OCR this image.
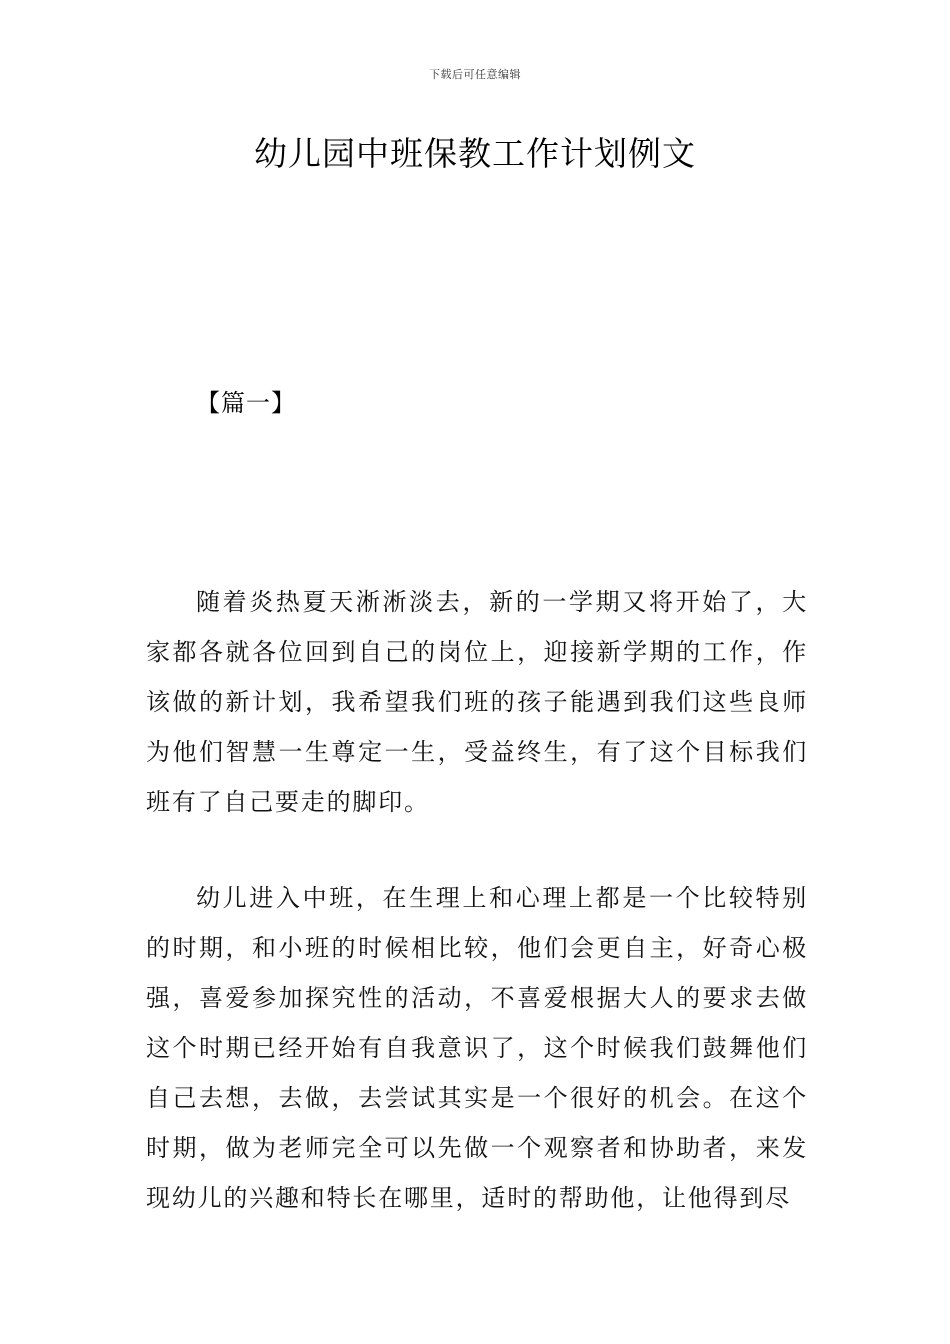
下载后可任意编辑
幼儿园中班保教工作计划例文
【篇一】

随着炎热夏天淅淅淡去，新的一学期又将开始了，大家都各就各位回到自己的岗位上，迎接新学期的工作，作该做的新计划，我希望我们班的孩子能遇到我们这些良师为他们智慧一生尊定一生，受益终生，有了这个目标我们班有了自己要走的脚印。

幼儿进入中班，在生理上和心理上都是一个比较特别的时期，和小班的时候相比较，他们会更自主，好奇心极强，喜爱参加探究性的活动，不喜爱根据大人的要求去做这个时期已经开始有自我意识了，这个时候我们鼓舞他们自己去想，去做，去尝试其实是一个很好的机会。在这个时期，做为老师完全可以先做一个观察者和协助者，来发现幼儿的兴趣和特长在哪里，适时的帮助他，让他得到尽
